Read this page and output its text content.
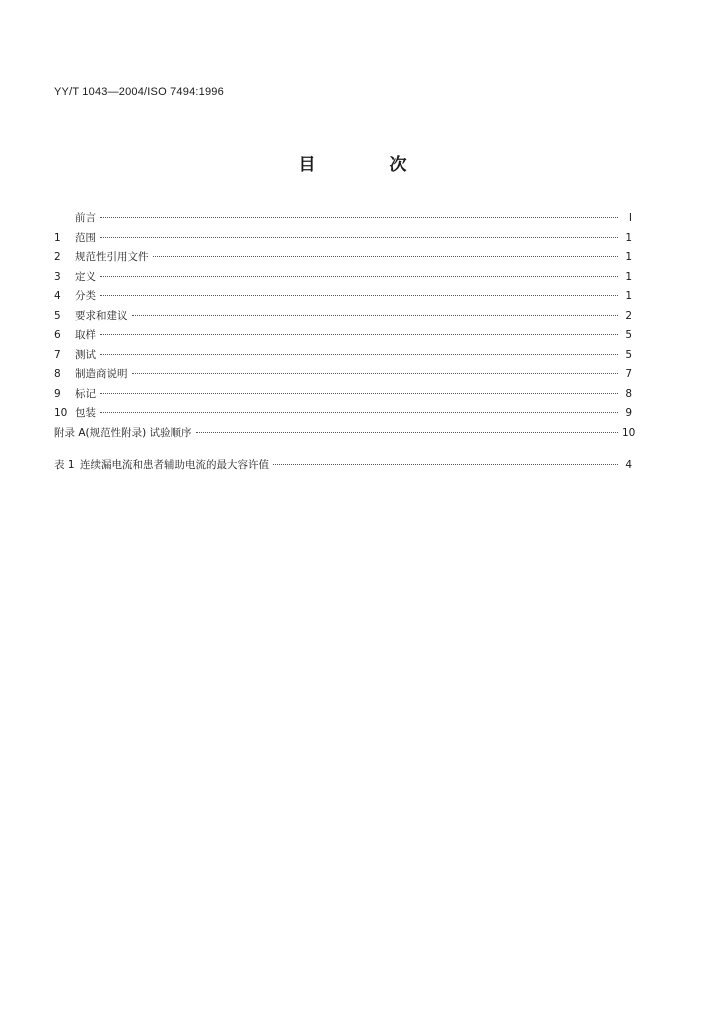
YY/T 1043—2004/ISO 7494:1996
目 次
前言	I
1	范围	1
2	规范性引用文件	1
3	定义	1
4	分类	1
5	要求和建议	2
6	取样	5
7	测试	5
8	制造商说明	7
9	标记	8
10 包装	9
附录 A(规范性附录) 试验顺序	10
表 1 连续漏电流和患者辅助电流的最大容许值	4
